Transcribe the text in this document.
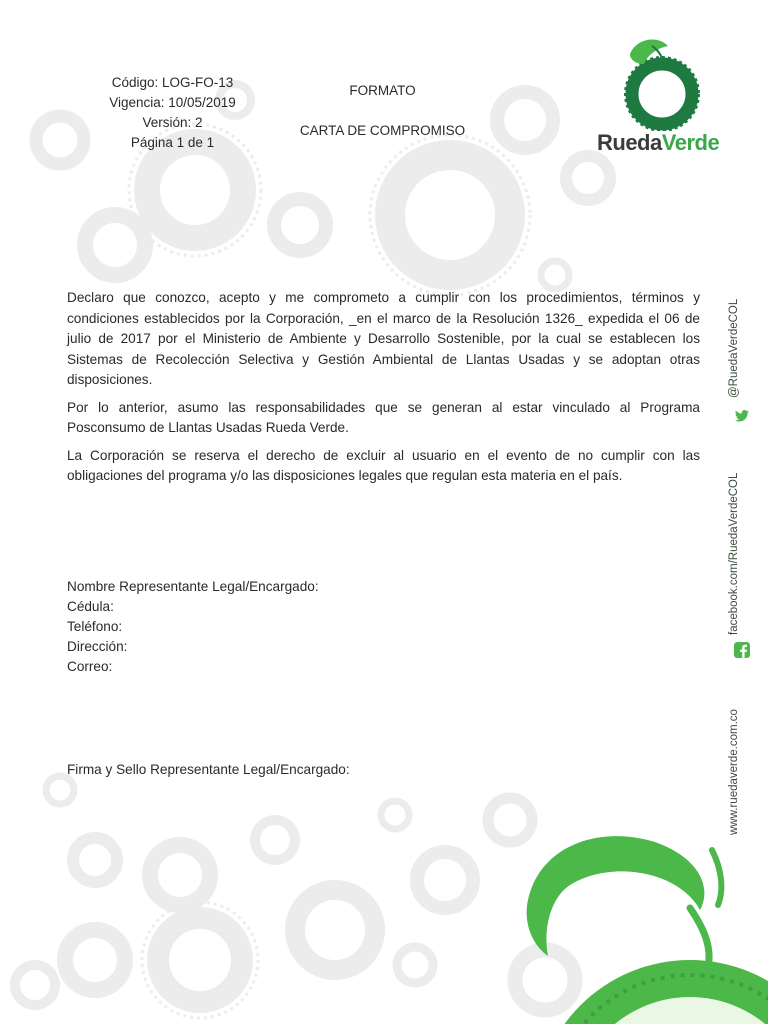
Código: LOG-FO-13
Vigencia: 10/05/2019
Versión: 2
Página 1 de 1
FORMATO
CARTA DE COMPROMISO	RuedaVerde

Declaro que conozco, acepto y me comprometo a cumplir con los procedimientos, términos y condiciones establecidos por la Corporación, _en el marco de la Resolución 1326_ expedida el 06 de julio de 2017 por el Ministerio de Ambiente y Desarrollo Sostenible, por la cual se establecen los Sistemas de Recolección Selectiva y Gestión Ambiental de Llantas Usadas y se adoptan otras disposiciones.

Por lo anterior, asumo las responsabilidades que se generan al estar vinculado al Programa Posconsumo de Llantas Usadas Rueda Verde.

La Corporación se reserva el derecho de excluir al usuario en el evento de no cumplir con las obligaciones del programa y/o las disposiciones legales que regulan esta materia en el país.

Nombre Representante Legal/Encargado:
Cédula:
Teléfono:
Dirección:
Correo:
Firma y Sello Representante Legal/Encargado:
@RuedaVerdeCOL
facebook.com/RuedaVerdeCOL
www.ruedaverde.com.co
